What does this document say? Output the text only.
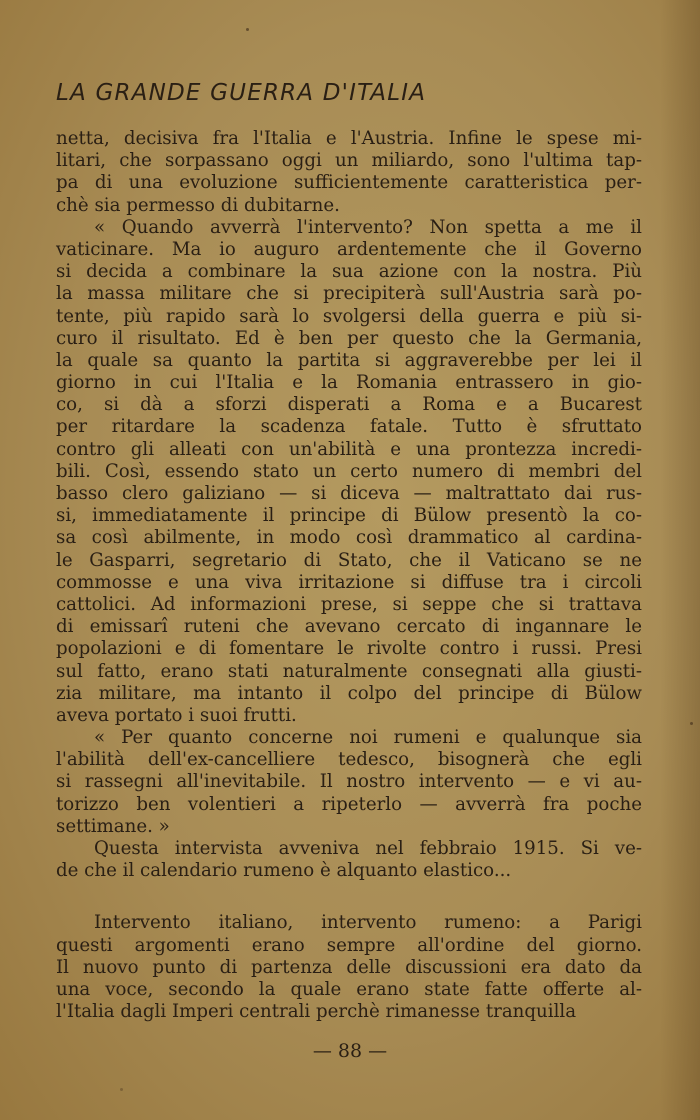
LA GRANDE GUERRA D'ITALIA
netta, decisiva fra l'Italia e l'Austria. Infine le spese mi-
litari, che sorpassano oggi un miliardo, sono l'ultima tap-
pa di una evoluzione sufficientemente caratteristica per-
chè sia permesso di dubitarne.
« Quando avverrà l'intervento? Non spetta a me il
vaticinare. Ma io auguro ardentemente che il Governo
si decida a combinare la sua azione con la nostra. Più
la massa militare che si precipiterà sull'Austria sarà po-
tente, più rapido sarà lo svolgersi della guerra e più si-
curo il risultato. Ed è ben per questo che la Germania,
la quale sa quanto la partita si aggraverebbe per lei il
giorno in cui l'Italia e la Romania entrassero in gio-
co, si dà a sforzi disperati a Roma e a Bucarest
per ritardare la scadenza fatale. Tutto è sfruttato
contro gli alleati con un'abilità e una prontezza incredi-
bili. Così, essendo stato un certo numero di membri del
basso clero galiziano — si diceva — maltrattato dai rus-
si, immediatamente il principe di Bülow presentò la co-
sa così abilmente, in modo così drammatico al cardina-
le Gasparri, segretario di Stato, che il Vaticano se ne
commosse e una viva irritazione si diffuse tra i circoli
cattolici. Ad informazioni prese, si seppe che si trattava
di emissarî ruteni che avevano cercato di ingannare le
popolazioni e di fomentare le rivolte contro i russi. Presi
sul fatto, erano stati naturalmente consegnati alla giusti-
zia militare, ma intanto il colpo del principe di Bülow
aveva portato i suoi frutti.
« Per quanto concerne noi rumeni e qualunque sia
l'abilità dell'ex-cancelliere tedesco, bisognerà che egli
si rassegni all'inevitabile. Il nostro intervento — e vi au-
torizzo ben volentieri a ripeterlo — avverrà fra poche
settimane. »
Questa intervista avveniva nel febbraio 1915. Si ve-
de che il calendario rumeno è alquanto elastico...
Intervento italiano, intervento rumeno: a Parigi
questi argomenti erano sempre all'ordine del giorno.
Il nuovo punto di partenza delle discussioni era dato da
una voce, secondo la quale erano state fatte offerte al-
l'Italia dagli Imperi centrali perchè rimanesse tranquilla
— 88 —
